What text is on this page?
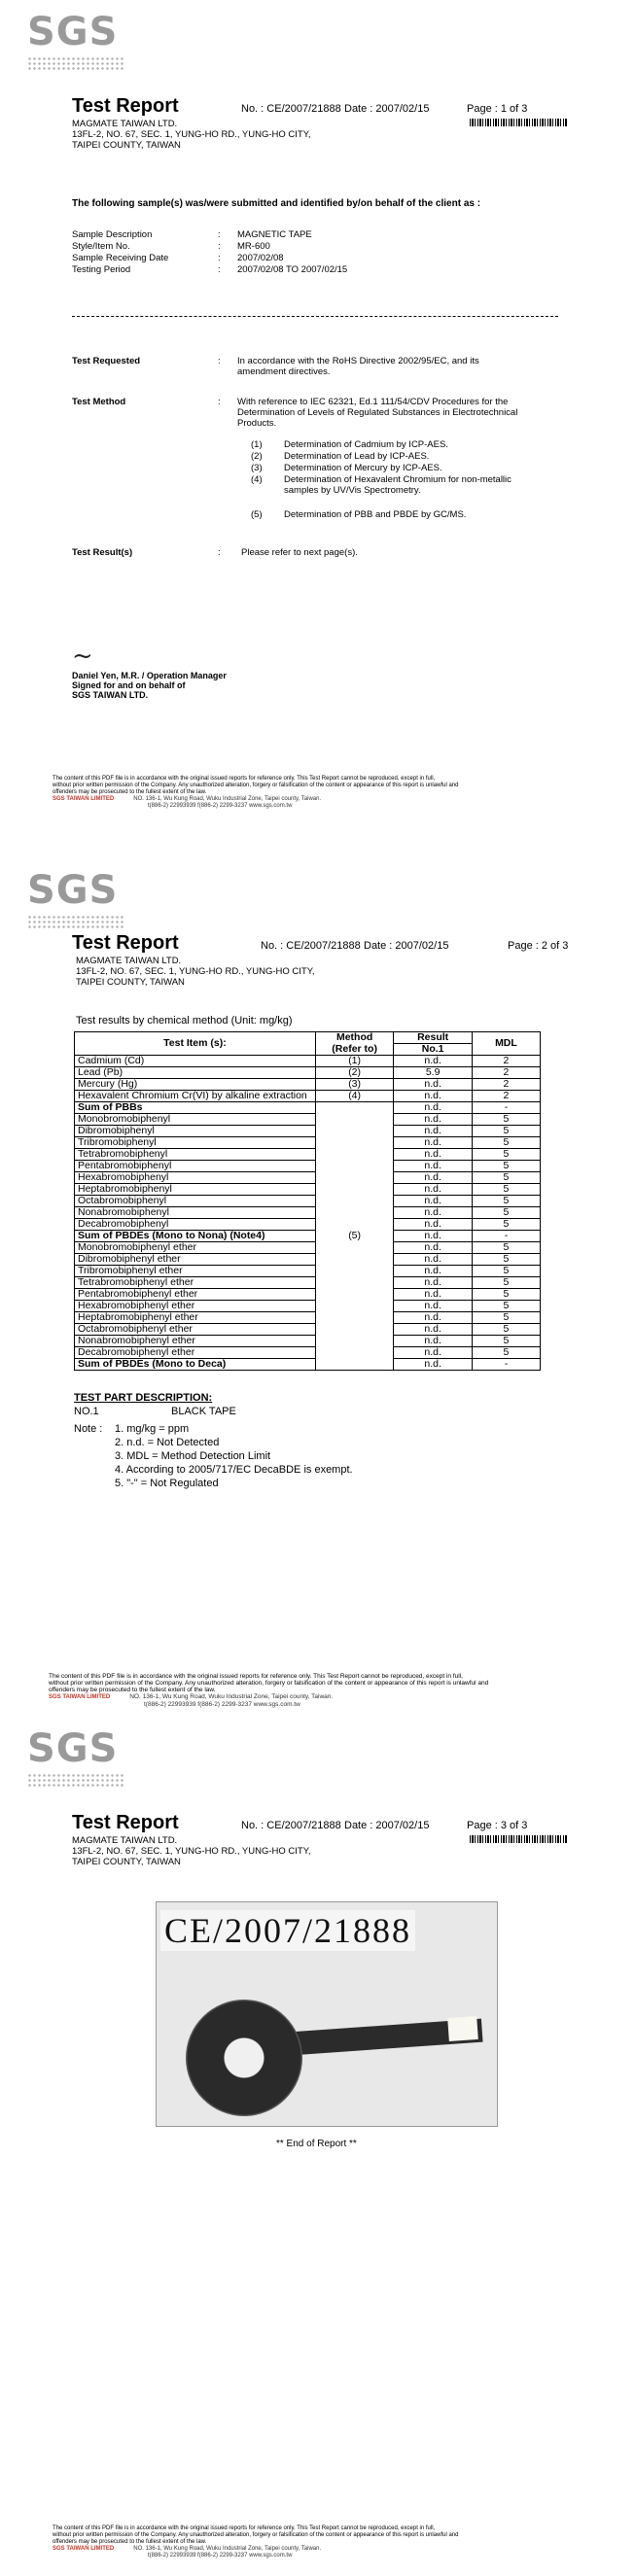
SGS
Test Report	No. : CE/2007/21888 Date : 2007/02/15	Page : 1 of 3
MAGMATE TAIWAN LTD.
13FL-2, NO. 67, SEC. 1, YUNG-HO RD., YUNG-HO CITY,
TAIPEI COUNTY, TAIWAN
The following sample(s) was/were submitted and identified by/on behalf of the client as :
Sample Description	: MAGNETIC TAPE
Style/Item No.	: MR-600
Sample Receiving Date	: 2007/02/08
Testing Period	: 2007/02/08 TO 2007/02/15
Test Requested	:	In accordance with the RoHS Directive 2002/95/EC, and its amendment directives.
Test Method	:	With reference to IEC 62321, Ed.1 111/54/CDV Procedures for the Determination of Levels of Regulated Substances in Electrotechnical Products.
(1) Determination of Cadmium by ICP-AES.
(2) Determination of Lead by ICP-AES.
(3) Determination of Mercury by ICP-AES.
(4)	Determination of Hexavalent Chromium for non-metallic samples by UV/Vis Spectrometry.
(5) Determination of PBB and PBDE by GC/MS.
Test Result(s)	: Please refer to next page(s).
~
Daniel Yen, M.R. / Operation Manager
Signed for and on behalf of
SGS TAIWAN LTD.
The content of this PDF file is in accordance with the original issued reports for reference only. This Test Report cannot be reproduced, except in full,
without prior written permission of the Company. Any unauthorized alteration, forgery or falsification of the content or appearance of this report is unlawful and
offenders may be prosecuted to the fullest extent of the law.
SGS TAIWAN LIMITED	NO. 136-1, Wu Kung Road, Wuku Industrial Zone, Taipei county, Taiwan.
t(886-2) 22993939 f(886-2) 2299-3237 www.sgs.com.tw
SGS
Test Report	No. : CE/2007/21888 Date : 2007/02/15	Page : 2 of 3
MAGMATE TAIWAN LTD.
13FL-2, NO. 67, SEC. 1, YUNG-HO RD., YUNG-HO CITY,
TAIPEI COUNTY, TAIWAN
Test results by chemical method (Unit: mg/kg)
Test Item (s):	Method	Result	MDL
	(Refer to)	No.1	
Cadmium (Cd)	(1)	n.d.	2
Lead (Pb)	(2)	5.9	2
Mercury (Hg)	(3)	n.d.	2
Hexavalent Chromium Cr(VI) by alkaline extraction	(4)	n.d.	2
Sum of PBBs	(5)	n.d.	-
Monobromobiphenyl		n.d.	5
Dibromobiphenyl		n.d.	5
Tribromobiphenyl		n.d.	5
Tetrabromobiphenyl		n.d.	5
Pentabromobiphenyl		n.d.	5
Hexabromobiphenyl		n.d.	5
Heptabromobiphenyl		n.d.	5
Octabromobiphenyl		n.d.	5
Nonabromobiphenyl		n.d.	5
Decabromobiphenyl		n.d.	5
Sum of PBDEs (Mono to Nona) (Note4)		n.d.	-
Monobromobiphenyl ether		n.d.	5
Dibromobiphenyl ether		n.d.	5
Tribromobiphenyl ether		n.d.	5
Tetrabromobiphenyl ether		n.d.	5
Pentabromobiphenyl ether		n.d.	5
Hexabromobiphenyl ether		n.d.	5
Heptabromobiphenyl ether		n.d.	5
Octabromobiphenyl ether		n.d.	5
Nonabromobiphenyl ether		n.d.	5
Decabromobiphenyl ether		n.d.	5
Sum of PBDEs (Mono to Deca)		n.d.	-
TEST PART DESCRIPTION:
NO.1	BLACK TAPE
Note :	1. mg/kg = ppm
2. n.d. = Not Detected
3. MDL = Method Detection Limit
4. According to 2005/717/EC DecaBDE is exempt.
5. "-" = Not Regulated
The content of this PDF file is in accordance with the original issued reports for reference only. This Test Report cannot be reproduced, except in full,
without prior written permission of the Company. Any unauthorized alteration, forgery or falsification of the content or appearance of this report is unlawful and
offenders may be prosecuted to the fullest extent of the law.
SGS TAIWAN LIMITED	NO. 136-1, Wu Kung Road, Wuku Industrial Zone, Taipei county, Taiwan.
t(886-2) 22993939 f(886-2) 2299-3237 www.sgs.com.tw
SGS
Test Report	No. : CE/2007/21888 Date : 2007/02/15	Page : 3 of 3
MAGMATE TAIWAN LTD.
13FL-2, NO. 67, SEC. 1, YUNG-HO RD., YUNG-HO CITY,
TAIPEI COUNTY, TAIWAN
CE/2007/21888
** End of Report **
The content of this PDF file is in accordance with the original issued reports for reference only. This Test Report cannot be reproduced, except in full,
without prior written permission of the Company. Any unauthorized alteration, forgery or falsification of the content or appearance of this report is unlawful and
offenders may be prosecuted to the fullest extent of the law.
SGS TAIWAN LIMITED	NO. 136-1, Wu Kung Road, Wuku Industrial Zone, Taipei county, Taiwan.
t(886-2) 22993939 f(886-2) 2299-3237 www.sgs.com.tw
